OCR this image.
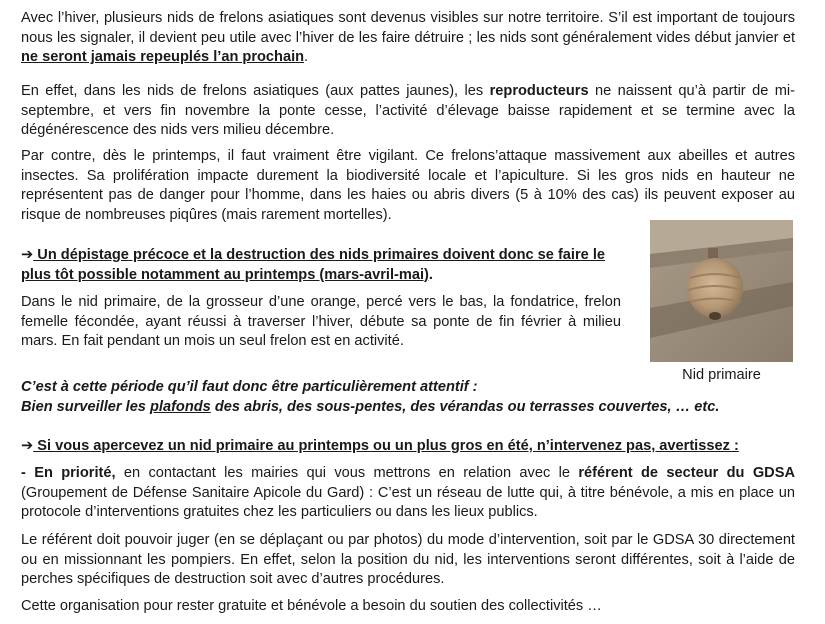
Avec l’hiver, plusieurs nids de frelons asiatiques sont devenus visibles sur notre territoire. S’il est important de toujours nous les signaler, il devient peu utile avec l’hiver de les faire détruire ; les nids sont généralement vides début janvier et ne seront jamais repeuplés l’an prochain.

En effet, dans les nids de frelons asiatiques (aux pattes jaunes), les reproducteurs ne naissent qu’à partir de mi-septembre, et vers fin novembre la ponte cesse, l’activité d’élevage baisse rapidement et se termine avec la dégénérescence des nids vers milieu décembre.

Par contre, dès le printemps, il faut vraiment être vigilant. Ce frelons’attaque massivement aux abeilles et autres insectes. Sa prolifération impacte durement la biodiversité locale et l’apiculture. Si les gros nids en hauteur ne représentent pas de danger pour l’homme, dans les haies ou abris divers (5 à 10% des cas) ils peuvent exposer au risque de nombreuses piqûres (mais rarement mortelles).

➔ Un dépistage précoce et la destruction des nids primaires doivent donc se faire le plus tôt possible notamment au printemps (mars-avril-mai).

Dans le nid primaire, de la grosseur d’une orange, percé vers le bas, la fondatrice, frelon femelle fécondée, ayant réussi à traverser l’hiver, débute sa ponte de fin février à milieu mars. En fait pendant un mois un seul frelon est en activité.

Nid primaire

C’est à cette période qu’il faut donc être particulièrement attentif :

Bien surveiller les plafonds des abris, des sous-pentes, des vérandas ou terrasses couvertes, … etc.

➔ Si vous apercevez un nid primaire au printemps ou un plus gros en été, n’intervenez pas, avertissez :

- En priorité, en contactant les mairies qui vous mettrons en relation avec le référent de secteur du GDSA (Groupement de Défense Sanitaire Apicole du Gard) : C’est un réseau de lutte qui, à titre bénévole, a mis en place un protocole d’interventions gratuites chez les particuliers ou dans les lieux publics.

Le référent doit pouvoir juger (en se déplaçant ou par photos) du mode d’intervention, soit par le GDSA 30 directement ou en missionnant les pompiers. En effet, selon la position du nid, les interventions seront différentes, soit à l’aide de perches spécifiques de destruction soit avec d’autres procédures.

Cette organisation pour rester gratuite et bénévole a besoin du soutien des collectivités …
